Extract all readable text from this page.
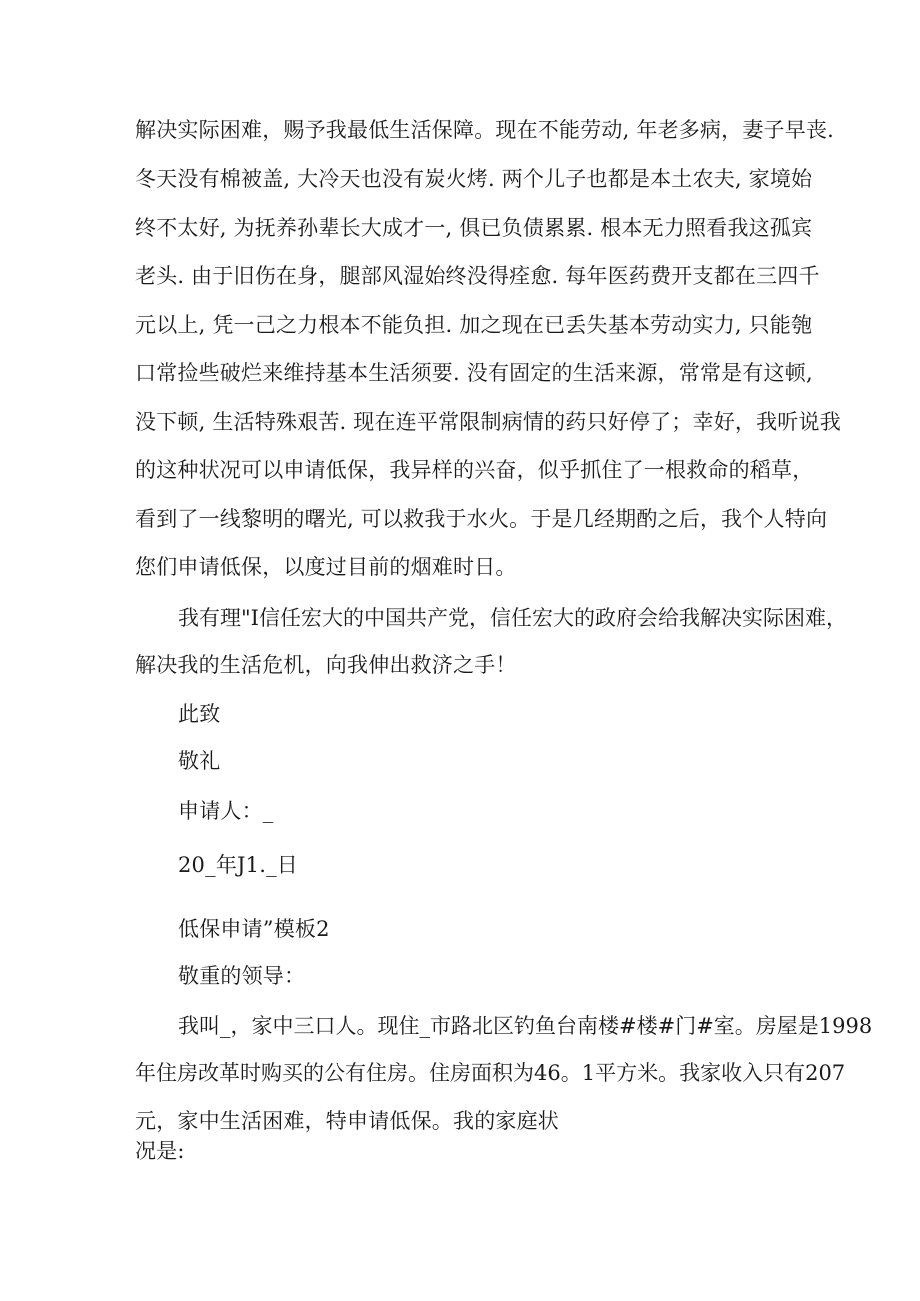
解决实际困难，赐予我最低生活保障。现在不能劳动, 年老多病，妻子早丧.
冬天没有棉被盖, 大冷天也没有炭火烤. 两个儿子也都是本土农夫, 家境始
终不太好, 为抚养孙辈长大成才一, 俱已负债累累. 根本无力照看我这孤宾
老头. 由于旧伤在身，腿部风湿始终没得痊愈. 每年医药费开支都在三四千
元以上, 凭一己之力根本不能负担. 加之现在已丢失基本劳动实力, 只能匏
口常捡些破烂来维持基本生活须要. 没有固定的生活来源，常常是有这顿,
没下顿, 生活特殊艰苦. 现在连平常限制病情的药只好停了；幸好，我听说我
的这种状况可以申请低保，我异样的兴奋，似乎抓住了一根救命的稻草，
看到了一线黎明的曙光, 可以救我于水火。于是几经期酌之后，我个人特向
您们申请低保，以度过目前的烟难时日。
我有理"I信任宏大的中国共产党，信任宏大的政府会给我解决实际困难，
解决我的生活危机，向我伸出救济之手！
此致
敬礼
申请人：_
20_年J1._日
低保申请”模板2
敬重的领导：
我叫_，家中三口人。现住_市路北区钓鱼台南楼#楼#门#室。房屋是1998
年住房改革时购买的公有住房。住房面积为46。1平方米。我家收入只有207
元，家中生活困难，特申请低保。我的家庭状
况是:
